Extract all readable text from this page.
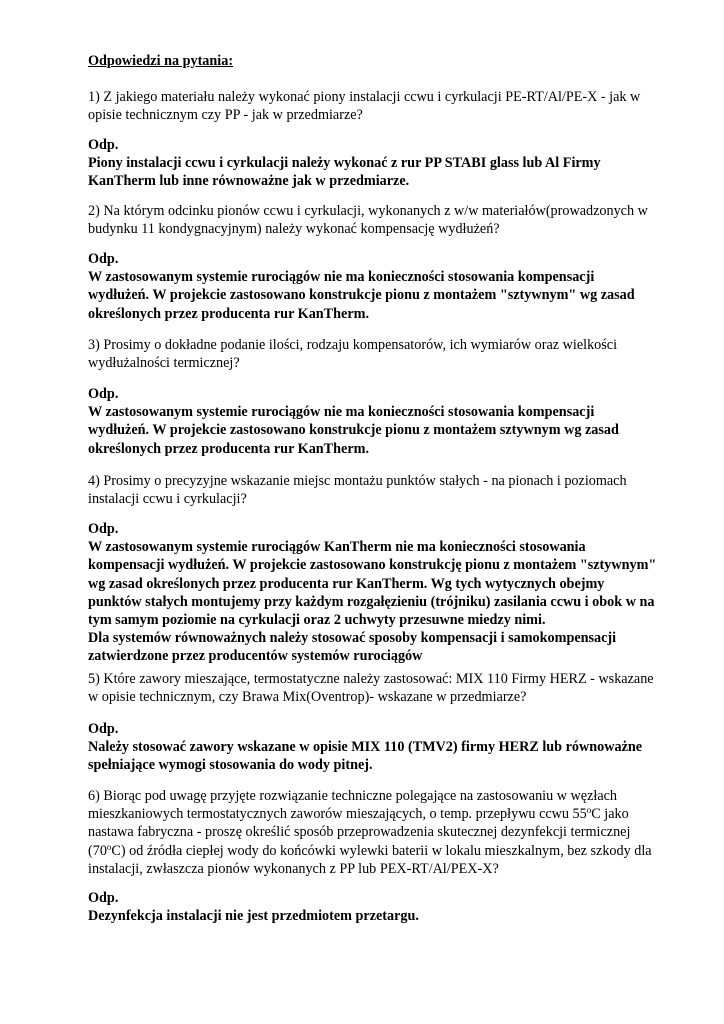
Odpowiedzi na pytania:
1) Z jakiego materiału należy wykonać piony instalacji ccwu i cyrkulacji PE-RT/Al/PE-X - jak w
opisie technicznym czy PP - jak w przedmiarze?
Odp.
Piony instalacji ccwu i cyrkulacji należy wykonać z rur PP STABI glass lub Al Firmy
KanTherm lub inne równoważne jak w przedmiarze.
2) Na którym odcinku pionów ccwu i cyrkulacji, wykonanych z w/w materiałów(prowadzonych w
budynku 11 kondygnacyjnym) należy wykonać kompensację wydłużeń?
Odp.
W zastosowanym systemie rurociągów nie ma konieczności stosowania kompensacji
wydłużeń. W projekcie zastosowano konstrukcje pionu z montażem "sztywnym" wg zasad
określonych przez producenta rur KanTherm.
3) Prosimy o dokładne podanie ilości, rodzaju kompensatorów, ich wymiarów oraz wielkości
wydłużalności termicznej?
Odp.
W zastosowanym systemie rurociągów nie ma konieczności stosowania kompensacji
wydłużeń. W projekcie zastosowano konstrukcje pionu z montażem sztywnym wg zasad
określonych przez producenta rur KanTherm.
4) Prosimy o precyzyjne wskazanie miejsc montażu punktów stałych - na pionach i poziomach
instalacji ccwu i cyrkulacji?
Odp.
W zastosowanym systemie rurociągów KanTherm nie ma konieczności stosowania
kompensacji wydłużeń. W projekcie zastosowano konstrukcję pionu z montażem "sztywnym"
wg zasad określonych przez producenta rur KanTherm. Wg tych wytycznych obejmy
punktów stałych montujemy przy każdym rozgałęzieniu (trójniku) zasilania ccwu i obok w na
tym samym poziomie na cyrkulacji oraz 2 uchwyty przesuwne miedzy nimi.
Dla systemów równoważnych należy stosować sposoby kompensacji i samokompensacji
zatwierdzone przez producentów systemów rurociągów
5) Które zawory mieszające, termostatyczne należy zastosować: MIX 110 Firmy HERZ - wskazane
w opisie technicznym, czy Brawa Mix(Oventrop)- wskazane w przedmiarze?
Odp.
Należy stosować zawory wskazane w opisie MIX 110 (TMV2) firmy HERZ lub równoważne
spełniające wymogi stosowania do wody pitnej.
6) Biorąc pod uwagę przyjęte rozwiązanie techniczne polegające na zastosowaniu w węzłach
mieszkaniowych termostatycznych zaworów mieszających, o temp. przepływu ccwu 55$^o$C jako
nastawa fabryczna - proszę określić sposób przeprowadzenia skutecznej dezynfekcji termicznej
(70$^o$C) od źródła ciepłej wody do końcówki wylewki baterii w lokalu mieszkalnym, bez szkody dla
instalacji, zwłaszcza pionów wykonanych z PP lub PEX-RT/Al/PEX-X?
Odp.
Dezynfekcja instalacji nie jest przedmiotem przetargu.
